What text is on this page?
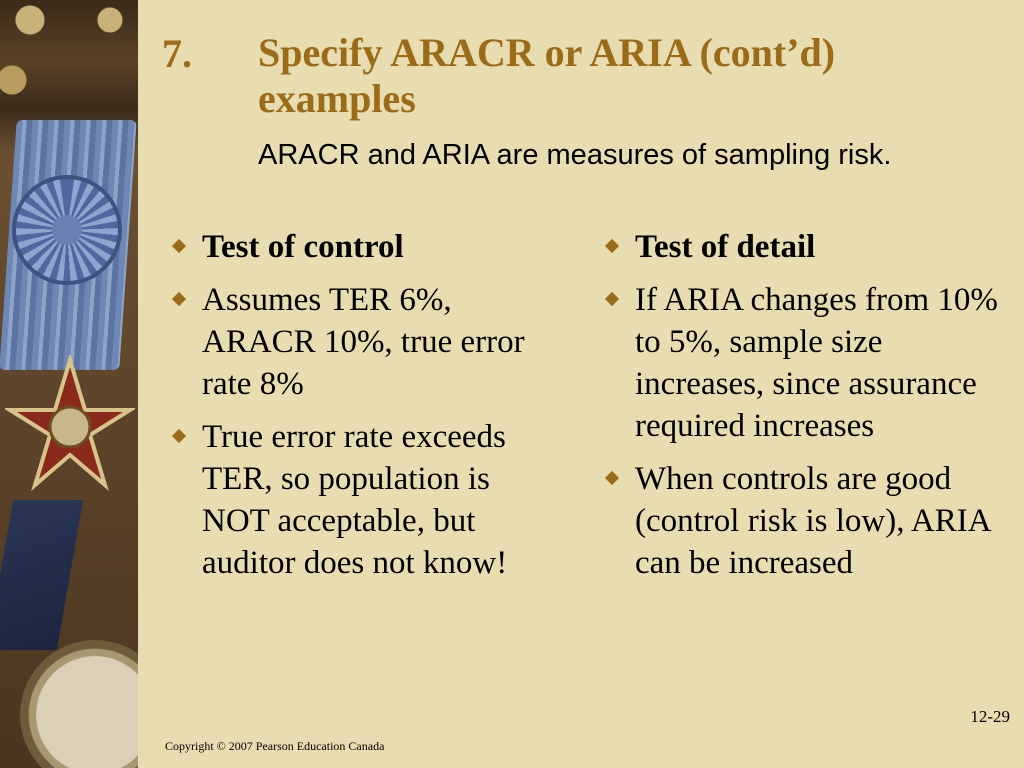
7. Specify ARACR or ARIA (cont’d) examples
ARACR and ARIA are measures of sampling risk.
Test of control
Assumes TER 6%, ARACR 10%, true error rate 8%
True error rate exceeds TER, so population is NOT acceptable, but auditor does not know!
Test of detail
If ARIA changes from 10% to 5%, sample size increases, since assurance required increases
When controls are good (control risk is low), ARIA can be increased
12-29
Copyright © 2007 Pearson Education Canada
